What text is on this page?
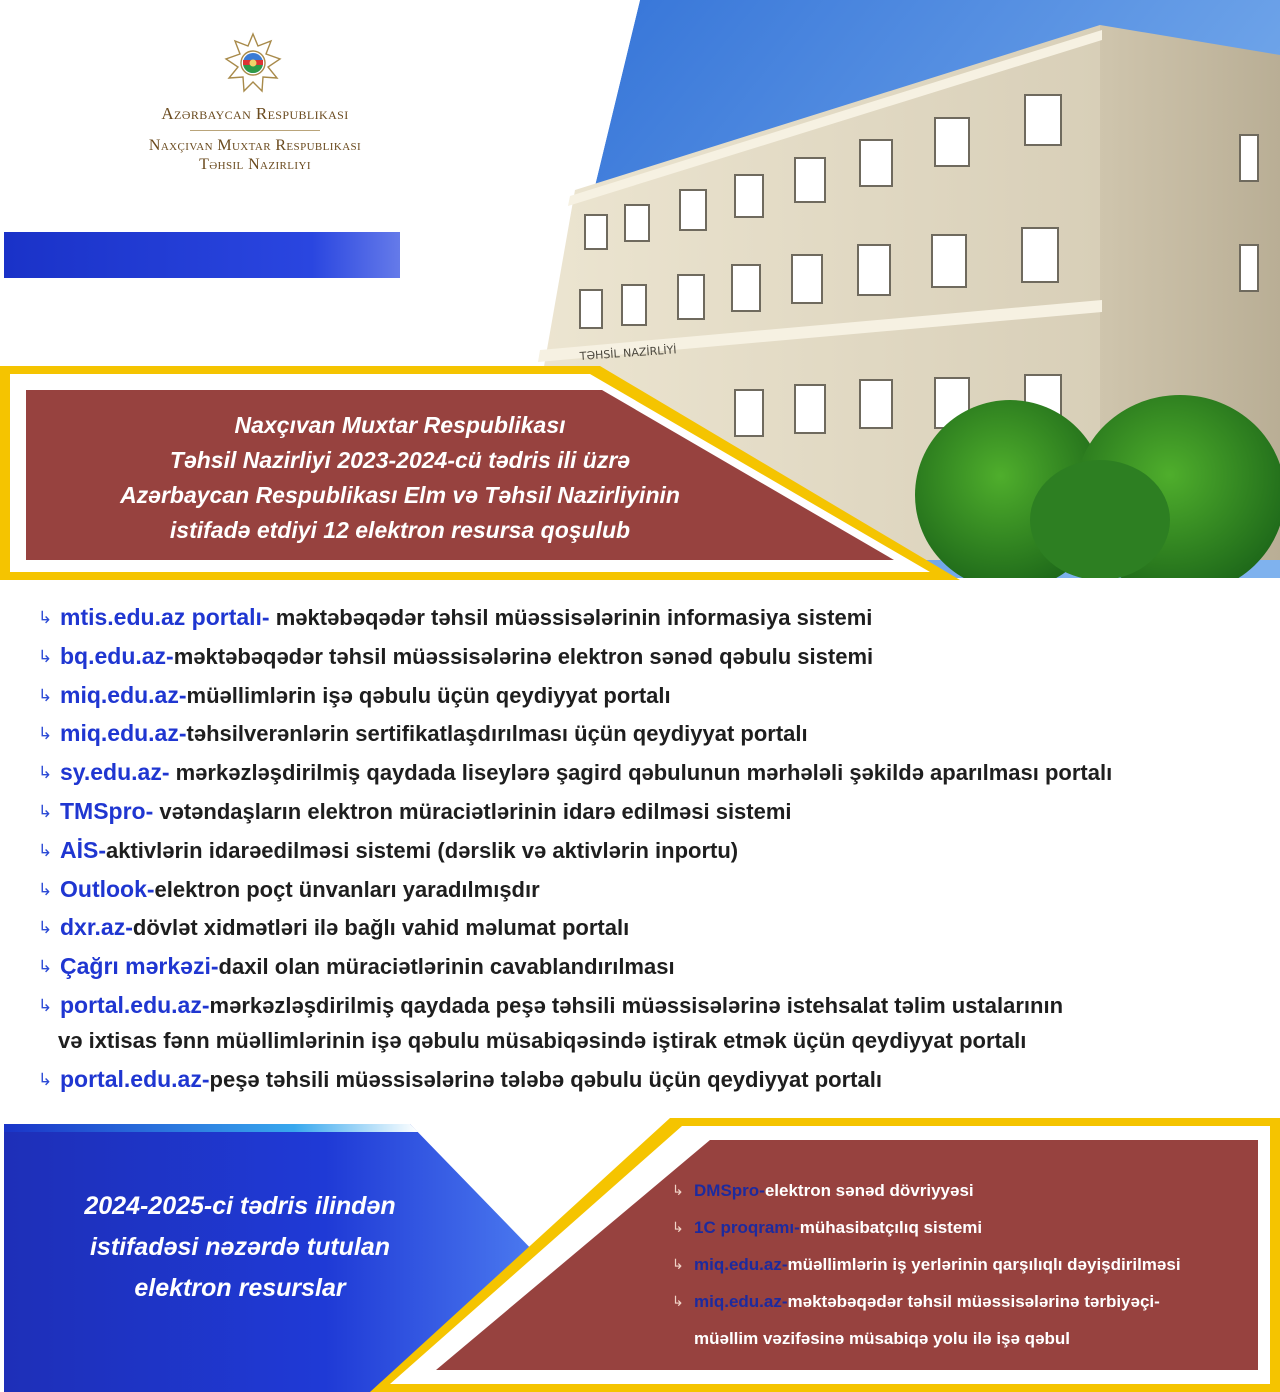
Azərbaycan Respublikası
Naxçıvan Muxtar Respublikası
Təhsil Nazirliyi
TƏHSİL NAZİRLİYİ
Naxçıvan Muxtar Respublikası
Təhsil Nazirliyi 2023-2024-cü tədris ili üzrə
Azərbaycan Respublikası Elm və Təhsil Nazirliyinin
istifadə etdiyi 12 elektron resursa qoşulub
↳ mtis.edu.az portalı- məktəbəqədər təhsil müəssisələrinin informasiya sistemi
↳ bq.edu.az-məktəbəqədər təhsil müəssisələrinə elektron sənəd qəbulu sistemi
↳ miq.edu.az-müəllimlərin işə qəbulu üçün qeydiyyat portalı
↳ miq.edu.az-təhsilverənlərin sertifikatlaşdırılması üçün qeydiyyat portalı
↳ sy.edu.az- mərkəzləşdirilmiş qaydada liseylərə şagird qəbulunun mərhələli şəkildə aparılması portalı
↳ TMSpro- vətəndaşların elektron müraciətlərinin idarə edilməsi sistemi
↳ AİS-aktivlərin idarəedilməsi sistemi (dərslik və aktivlərin inportu)
↳ Outlook-elektron poçt ünvanları yaradılmışdır
↳ dxr.az-dövlət xidmətləri ilə bağlı vahid məlumat portalı
↳ Çağrı mərkəzi-daxil olan müraciətlərinin cavablandırılması
↳ portal.edu.az-mərkəzləşdirilmiş qaydada peşə təhsili müəssisələrinə istehsalat təlim ustalarının
və ixtisas fənn müəllimlərinin işə qəbulu müsabiqəsində iştirak etmək üçün qeydiyyat portalı
↳ portal.edu.az-peşə təhsili müəssisələrinə tələbə qəbulu üçün qeydiyyat portalı
2024-2025-ci tədris ilindən
istifadəsi nəzərdə tutulan
elektron resurslar
↳ DMSpro-elektron sənəd dövriyyəsi
↳ 1C proqramı-mühasibatçılıq sistemi
↳ miq.edu.az-müəllimlərin iş yerlərinin qarşılıqlı dəyişdirilməsi
↳ miq.edu.az-məktəbəqədər təhsil müəssisələrinə tərbiyəçi-
müəllim vəzifəsinə müsabiqə yolu ilə işə qəbul
